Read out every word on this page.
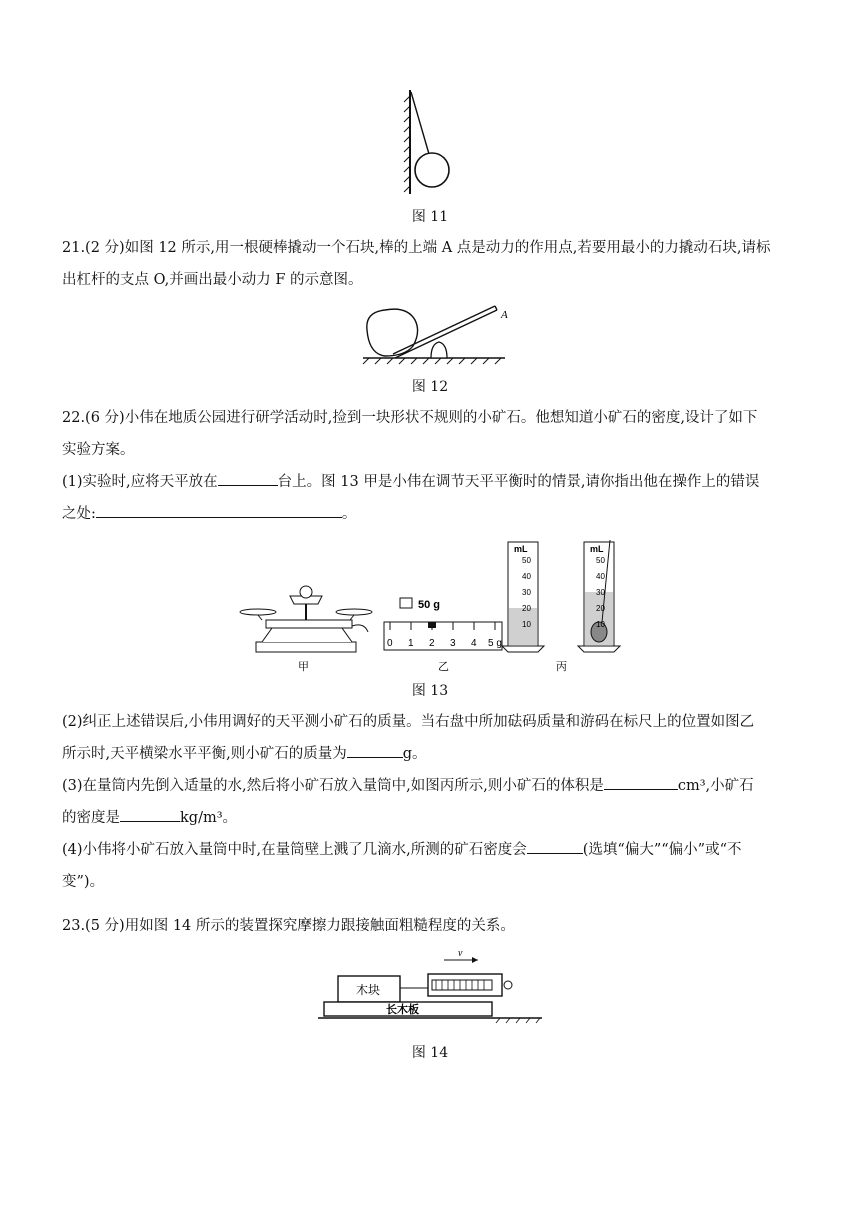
图 11
21.(2 分)如图 12 所示,用一根硬棒撬动一个石块,棒的上端 A 点是动力的作用点,若要用最小的力撬动石块,请标
出杠杆的支点 O,并画出最小动力 F 的示意图。
A
图 12
22.(6 分)小伟在地质公园进行研学活动时,捡到一块形状不规则的小矿石。他想知道小矿石的密度,设计了如下
实验方案。
(1)实验时,应将天平放在	台上。图 13 甲是小伟在调节天平平衡时的情景,请你指出他在操作上的错误
之处:	。
甲
50 g
0 1 2 3 4 5 g
乙
mL
50
40
30
20
10
mL
50
40
30
20
10
丙
图 13
(2)纠正上述错误后,小伟用调好的天平测小矿石的质量。当右盘中所加砝码质量和游码在标尺上的位置如图乙
所示时,天平横梁水平平衡,则小矿石的质量为	g。
(3)在量筒内先倒入适量的水,然后将小矿石放入量筒中,如图丙所示,则小矿石的体积是	cm³,小矿石
的密度是	kg/m³。
(4)小伟将小矿石放入量筒中时,在量筒壁上溅了几滴水,所测的矿石密度会	(选填“偏大”“偏小”或“不
变”)。
23.(5 分)用如图 14 所示的装置探究摩擦力跟接触面粗糙程度的关系。
v
木块
长木板
图 14
